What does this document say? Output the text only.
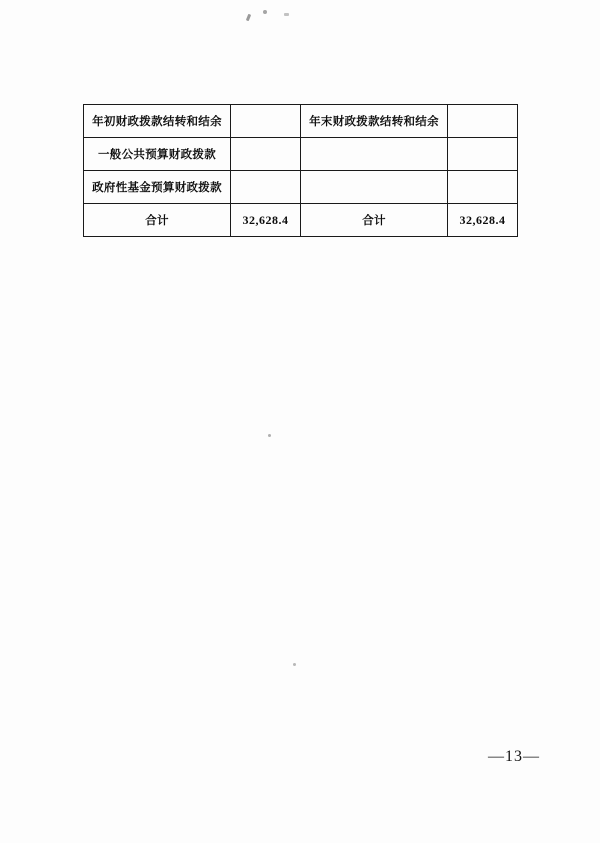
年初财政拨款结转和结余		年末财政拨款结转和结余	
一般公共预算财政拨款			
政府性基金预算财政拨款			
合计	32,628.4	合计	32,628.4
—13—
